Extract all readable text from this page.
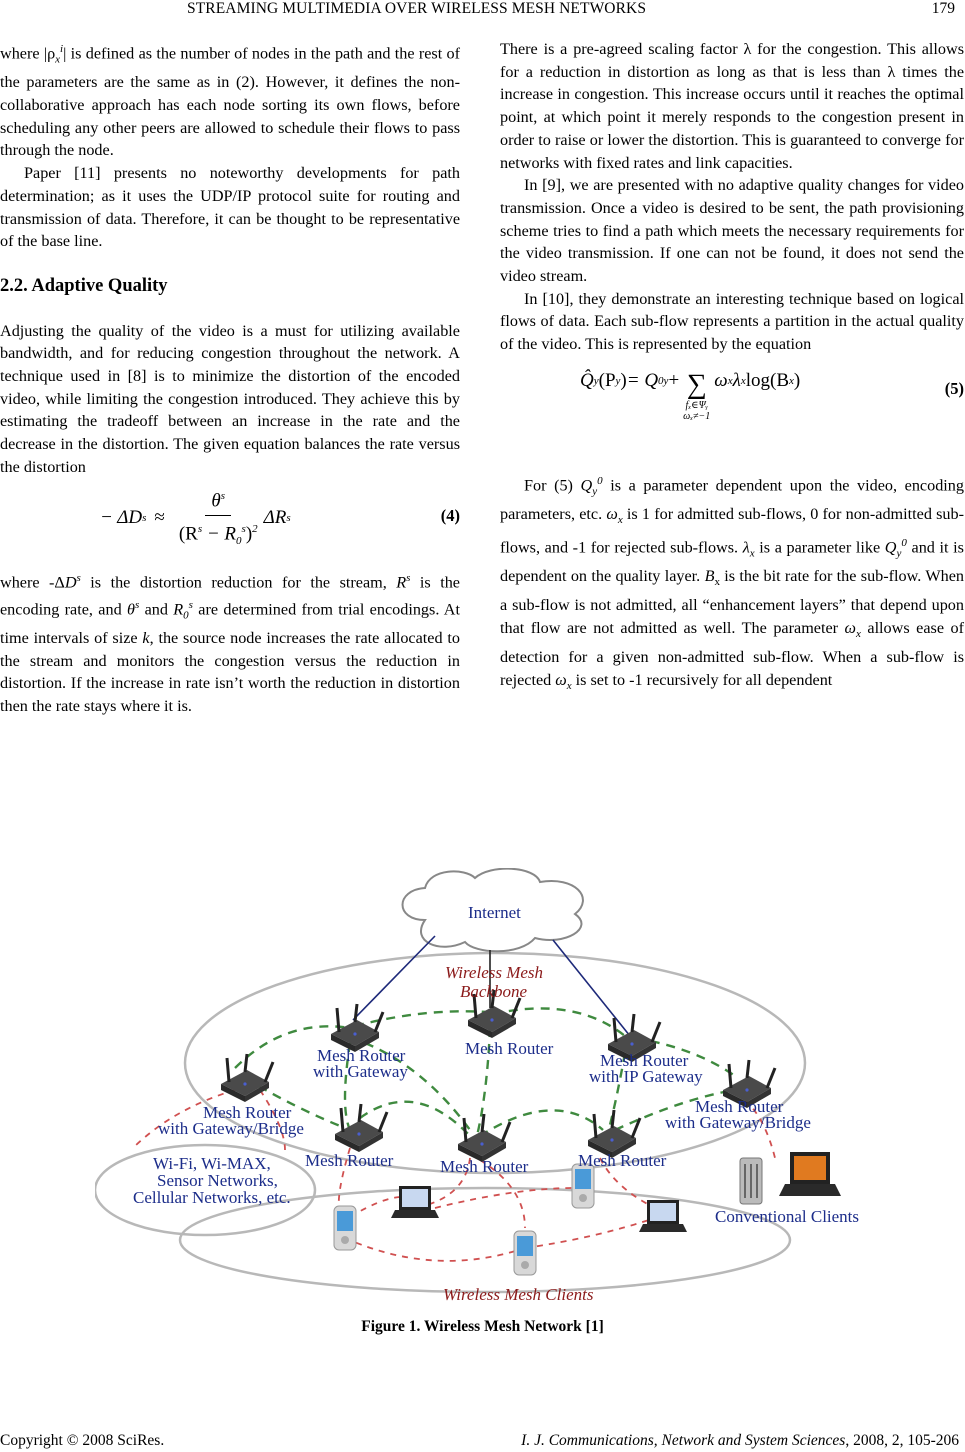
STREAMING MULTIMEDIA OVER WIRELESS MESH NETWORKS	179

where $|\rho_x^i|$ is defined as the number of nodes in the path and the rest of the parameters are the same as in (2). However, it defines the non-collaborative approach has each node sorting its own flows, before scheduling any other peers are allowed to schedule their flows to pass through the node.

Paper [11] presents no noteworthy developments for path determination; as it uses the UDP/IP protocol suite for routing and transmission of data. Therefore, it can be thought to be representative of the base line.

2.2. Adaptive Quality

Adjusting the quality of the video is a must for utilizing available bandwidth, and for reducing congestion throughout the network. A technique used in [8] is to minimize the distortion of the encoded video, while limiting the congestion introduced. They achieve this by estimating the tradeoff between an increase in the rate and the decrease in the distortion. The given equation balances the rate versus the distortion

− ΔD $s \approx \frac{\theta^s}{(R^s - R_0^s)^2}$ ΔR s	(4)

where $-\Delta D^s$ is the distortion reduction for the stream, $R^s$ is the encoding rate, and $\theta^s$ and $R_0^s$ are determined from trial encodings. At time intervals of size k, the source node increases the rate allocated to the stream and monitors the congestion versus the reduction in distortion. If the increase in rate isn’t worth the reduction in distortion then the rate stays where it is.

There is a pre-agreed scaling factor λ for the congestion. This allows for a reduction in distortion as long as that is less than λ times the increase in congestion. This increase occurs until it reaches the optimal point, at which point it merely responds to the congestion present in order to raise or lower the distortion. This is guaranteed to converge for networks with fixed rates and link capacities.

In [9], we are presented with no adaptive quality changes for video transmission. Once a video is desired to be sent, the path provisioning scheme tries to find a path which meets the necessary requirements for the video transmission. If one can not be found, it does not send the video stream.

In [10], they demonstrate an interesting technique based on logical flows of data. Each sub-flow represents a partition in the actual quality of the video. This is represented by the equation

Q̂ y (P y ) = Q 0 y + ∑
fₓ∈Ψᵧ
ωₓ≠−1
ω x λ x log(B x )	(5)

For (5) $Q_y^0$ is a parameter dependent upon the video, encoding parameters, etc. $\omega_x$ is 1 for admitted sub-flows, 0 for non-admitted sub-flows, and -1 for rejected sub-flows. $\lambda_x$ is a parameter like $Q_y^0$ and it is dependent on the quality layer. $B_x$ is the bit rate for the sub-flow. When a sub-flow is not admitted, all “enhancement layers” that depend upon that flow are not admitted as well. The parameter $\omega_x$ allows ease of detection for a given non-admitted sub-flow. When a sub-flow is rejected $\omega_x$ is set to -1 recursively for all dependent

Internet
Wireless Mesh
Backbone
Mesh Router
with Gateway
Mesh Router
Mesh Router
with IP Gateway
Mesh Router
with Gateway/Bridge
Mesh Router
with Gateway/Bridge
Mesh Router	Mesh Router	Mesh Router
Wi-Fi, Wi-MAX,
Sensor Networks,
Cellular Networks, etc.
Conventional Clients
Wireless Mesh Clients
Figure 1. Wireless Mesh Network [1]
Copyright © 2008 SciRes.	I. J. Communications, Network and System Sciences, 2008, 2, 105-206
